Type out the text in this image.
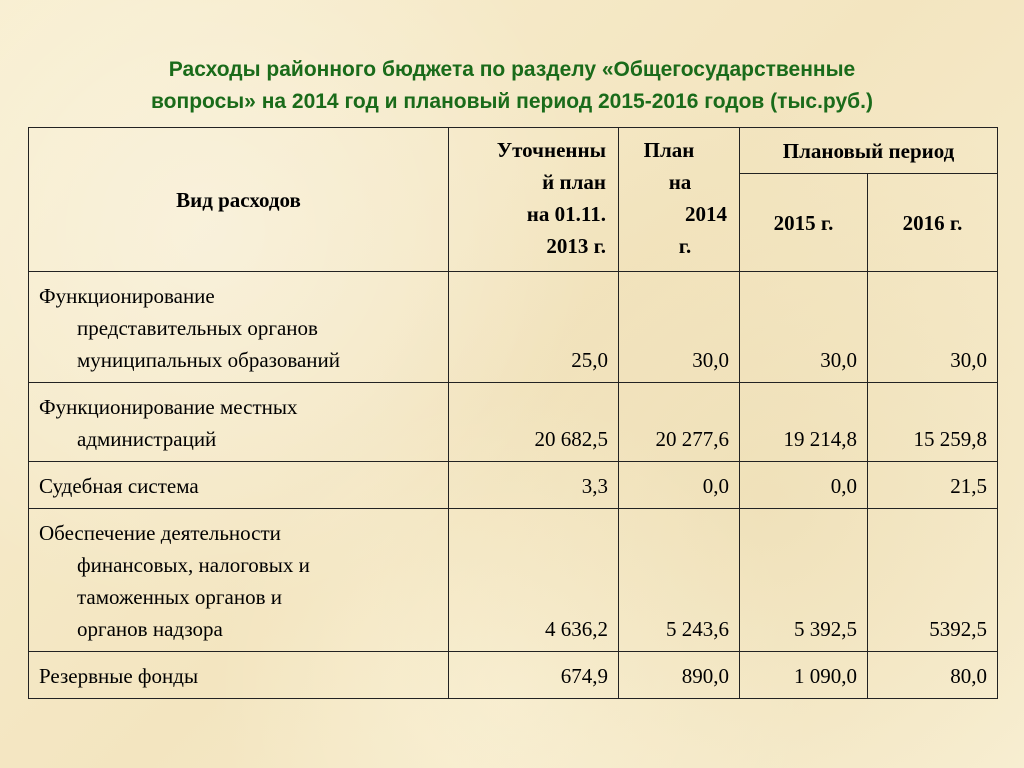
Расходы районного бюджета по разделу «Общегосударственные
вопросы» на 2014 год и плановый период 2015-2016 годов (тыс.руб.)
Вид расходов	Уточненны
й план
на 01.11.
2013 г.	План
на
2014
г.	Плановый период	
			2015 г.	2016 г.

Функционирование
представительных органов
муниципальных образований	25,0	30,0	30,0	30,0

Функционирование местных
администраций	20 682,5	20 277,6	19 214,8	15 259,8

Судебная система	3,3	0,0	0,0	21,5

Обеспечение деятельности
финансовых, налоговых и
таможенных органов и
органов надзора	4 636,2	5 243,6	5 392,5	5392,5

Резервные фонды	674,9	890,0	1 090,0	80,0
